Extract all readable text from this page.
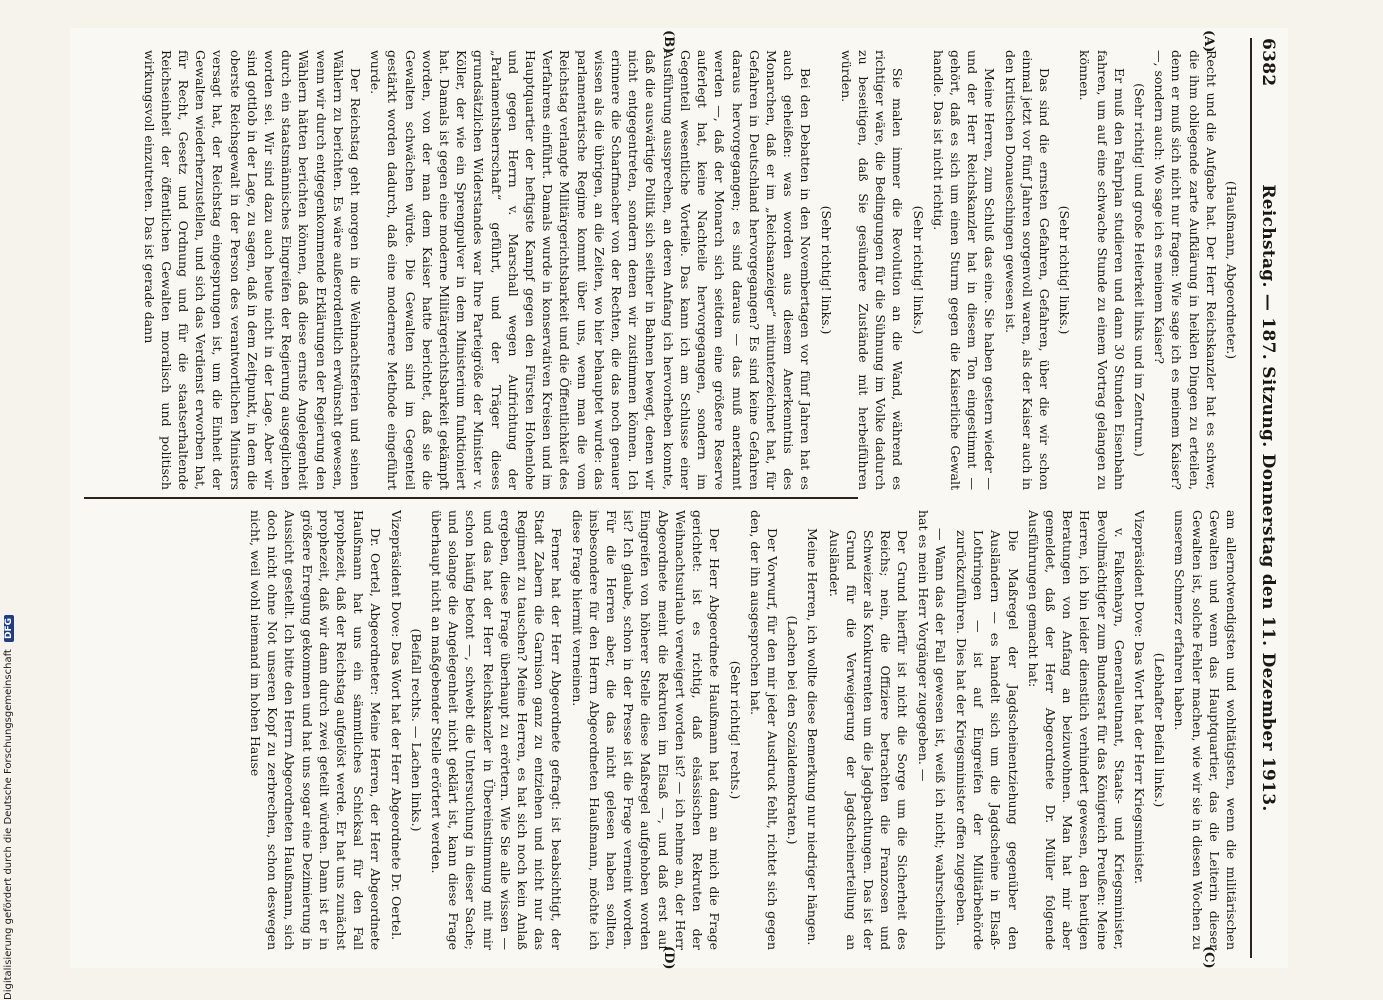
6382
Reichstag. — 187. Sitzung. Donnerstag den 11. Dezember 1913.
(A)
(B)
(C)
(D)

(Haußmann, Abgeordneter.)

Recht und die Aufgabe hat. Der Herr Reichskanzler hat es schwer, die ihm obliegende zarte Aufklärung in heiklen Dingen zu erteilen, denn er muß sich nicht nur fragen: Wie sage ich es meinem Kaiser? —, sondern auch: Wo sage ich es meinem Kaiser?

(Sehr richtig! und große Heiterkeit links und im Zentrum.)

Er muß den Fahrplan studieren und dann 30 Stunden Eisenbahn fahren, um auf eine schwache Stunde zu einem Vortrag gelangen zu können.

(Sehr richtig! links.)

Das sind die ernsten Gefahren, Gefahren, über die wir schon einmal jetzt vor fünf Jahren sorgenvoll waren, als der Kaiser auch in den kritischen Donaueschingen gewesen ist.

Meine Herren, zum Schluß das eine. Sie haben gestern wieder — und der Herr Reichskanzler hat in diesem Ton eingestimmt — gehört, daß es sich um einen Sturm gegen die Kaiserliche Gewalt handle. Das ist nicht richtig.

(Sehr richtig! links.)

Sie malen immer die Revolution an die Wand, während es richtiger wäre, die Bedingungen für die Sühnung im Volke dadurch zu beseitigen, daß Sie gesündere Zustände mit herbeiführen würden.

(Sehr richtig! links.)

Bei den Debatten in den Novembertagen vor fünf Jahren hat es auch geheißen: was worden aus diesem Anerkenntnis des Monarchen, daß er im „Reichsanzeiger“ mitunterzeichnet hat, für Gefahren in Deutschland hervorgegangen? Es sind keine Gefahren daraus hervorgegangen; es sind daraus — das muß anerkannt werden —, daß der Monarch sich seitdem eine größere Reserve auferlegt hat, keine Nachteile hervorgegangen, sondern im Gegenteil wesentliche Vorteile. Das kann ich am Schlusse einer Ausführung aussprechen, an deren Anfang ich hervorheben konnte, daß die auswärtige Politik sich seither in Bahnen bewegt, denen wir nicht entgegentreten, sondern denen wir zustimmen können. Ich erinnere die Scharfmacher von der Rechten, die das noch genauer wissen als die übrigen, an die Zeiten, wo hier behauptet wurde: das parlamentarische Regime kommt über uns, wenn man die vom Reichstag verlangte Militärgerichtsbarkeit und die Öffentlichkeit des Verfahrens einführt. Damals wurde in konservativen Kreisen und im Hauptquartier der heftigste Kampf gegen den Fürsten Hohenlohe und gegen Herrn v. Marschall wegen Aufrichtung der „Parlamentsherrschaft“ geführt, und der Träger dieses grundsätzlichen Widerstandes war Ihre Parteigröße der Minister v. Köller, der wie ein Sprengpulver in dem Ministerium funktioniert hat. Damals ist gegen eine moderne Militärgerichtsbarkeit gekämpft worden, von der man dem Kaiser hatte berichtet, daß sie die Gewalten schwächen würde. Die Gewalten sind im Gegenteil gestärkt worden dadurch, daß eine modernere Methode eingeführt wurde.

Der Reichstag geht morgen in die Weihnachtsferien und seinen Wählern zu berichten. Es wäre außerordentlich erwünscht gewesen, wenn wir durch entgegenkommende Erklärungen der Regierung den Wählern hätten berichten können, daß diese ernste Angelegenheit durch ein staatsmännisches Eingreifen der Regierung ausgeglichen worden sei. Wir sind dazu auch heute nicht in der Lage. Aber wir sind gottlob in der Lage, zu sagen, daß in dem Zeitpunkt, in dem die oberste Reichsgewalt in der Person des verantwortlichen Ministers versagt hat, der Reichstag eingesprungen ist, um die Einheit der Gewalten wiederherzustellen, und sich das Verdienst erworben hat, für Recht, Gesetz und Ordnung und für die staatserhaltende Reichseinheit der öffentlichen Gewalten moralisch und politisch wirkungsvoll einzutreten. Das ist gerade dann

am allernotwendigsten und wohltätigsten, wenn die militärischen Gewalten und wenn das Hauptquartier, das die Leiterin dieser Gewalten ist, solche Fehler machen, wie wir sie in diesen Wochen zu unserem Schmerz erfahren haben.

(Lebhafter Beifall links.)

Vizepräsident Dove: Das Wort hat der Herr Kriegsminister.

v. Falkenhayn, Generalleutnant, Staats- und Kriegsminister, Bevollmächtigter zum Bundesrat für das Königreich Preußen: Meine Herren, ich bin leider dienstlich verhindert gewesen, den heutigen Beratungen von Anfang an beizuwohnen. Man hat mir aber gemeldet, daß der Herr Abgeordnete Dr. Müller folgende Ausführungen gemacht hat:

Die Maßregel der Jagdscheinentziehung gegenüber den Ausländern — es handelt sich um die Jagdscheine in Elsaß-Lothringen — ist auf Eingreifen der Militärbehörde zurückzuführen. Dies hat der Kriegsminister offen zugegeben.

— Wann das der Fall gewesen ist, weiß ich nicht; wahrscheinlich hat es mein Herr Vorgänger zugegeben. —

Der Grund hierfür ist nicht die Sorge um die Sicherheit des Reichs; nein, die Offiziere betrachten die Franzosen und Schweizer als Konkurrenten um die Jagdpachtungen. Das ist der Grund für die Verweigerung der Jagdscheinerteilung an Ausländer.

Meine Herren, ich wollte diese Bemerkung nur niedriger hängen.

(Lachen bei den Sozialdemokraten.)

Der Vorwurf, für den mir jeder Ausdruck fehlt, richtet sich gegen den, der ihn ausgesprochen hat.

(Sehr richtig! rechts.)

Der Herr Abgeordnete Haußmann hat dann an mich die Frage gerichtet: ist es richtig, daß elsässischen Rekruten der Weihnachtsurlaub verweigert worden ist? — ich nehme an, der Herr Abgeordnete meint die Rekruten im Elsaß —, und daß erst auf Eingreifen von höherer Stelle diese Maßregel aufgehoben worden ist? Ich glaube, schon in der Presse ist die Frage verneint worden. Für die Herren aber, die das nicht gelesen haben sollten, insbesondere für den Herrn Abgeordneten Haußmann, möchte ich diese Frage hiermit verneinen.

Ferner hat der Herr Abgeordnete gefragt: ist beabsichtigt, der Stadt Zabern die Garnison ganz zu entziehen und nicht nur das Regiment zu tauschen? Meine Herren, es hat sich noch kein Anlaß ergeben, diese Frage überhaupt zu erörtern. Wie Sie alle wissen — und das hat der Herr Reichskanzler in Übereinstimmung mit mir schon häufig betont —, schwebt die Untersuchung in dieser Sache; und solange die Angelegenheit nicht geklärt ist, kann diese Frage überhaupt nicht an maßgebender Stelle erörtert werden.

(Beifall rechts. — Lachen links.)

Vizepräsident Dove: Das Wort hat der Herr Abgeordnete Dr. Oertel.

Dr. Oertel, Abgeordneter: Meine Herren, der Herr Abgeordnete Haußmann hat uns ein sämmtliches Schicksal für den Fall prophezeit, daß der Reichstag aufgelöst werde. Er hat uns zunächst prophezeit, daß wir dann durch zwei geteilt würden. Dann ist er in größere Erregung gekommen und hat uns sogar eine Dezimierung in Aussicht gestellt. Ich bitte den Herrn Abgeordneten Haußmann, sich doch nicht ohne Not unseren Kopf zu zerbrechen, schon deswegen nicht, weil wohl niemand im hohen Hause

Digitalisierung gefördert durch die Deutsche Forschungsgemeinschaft DFG
